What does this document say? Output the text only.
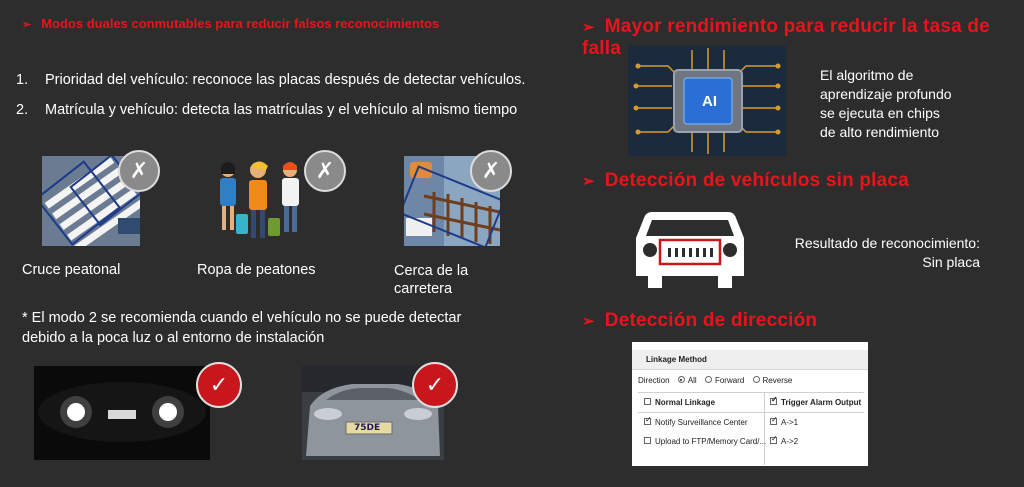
➢ Modos duales conmutables para reducir falsos reconocimientos
1. Prioridad del vehículo: reconoce las placas después de detectar vehículos.
2. Matrícula y vehículo: detecta las matrículas y el vehículo al mismo tiempo
✗
Cruce peatonal
✗
Ropa de peatones
✗
Cerca de la
carretera
* El modo 2 se recomienda cuando el vehículo no se puede detectar
debido a la poca luz o al entorno de instalación
✓
75DE
✓
➢ Mayor rendimiento para reducir la tasa de falla
AI
El algoritmo de
aprendizaje profundo
se ejecuta en chips
de alto rendimiento
➢ Detección de vehículos sin placa
Resultado de reconocimiento:
Sin placa
➢ Detección de dirección
Linkage Method
Direction All Forward Reverse
Normal Linkage ✓	Trigger Alarm Output
✓Notify Surveillance Center ✓	A->1
Upload to FTP/Memory Card/... ✓	A->2
